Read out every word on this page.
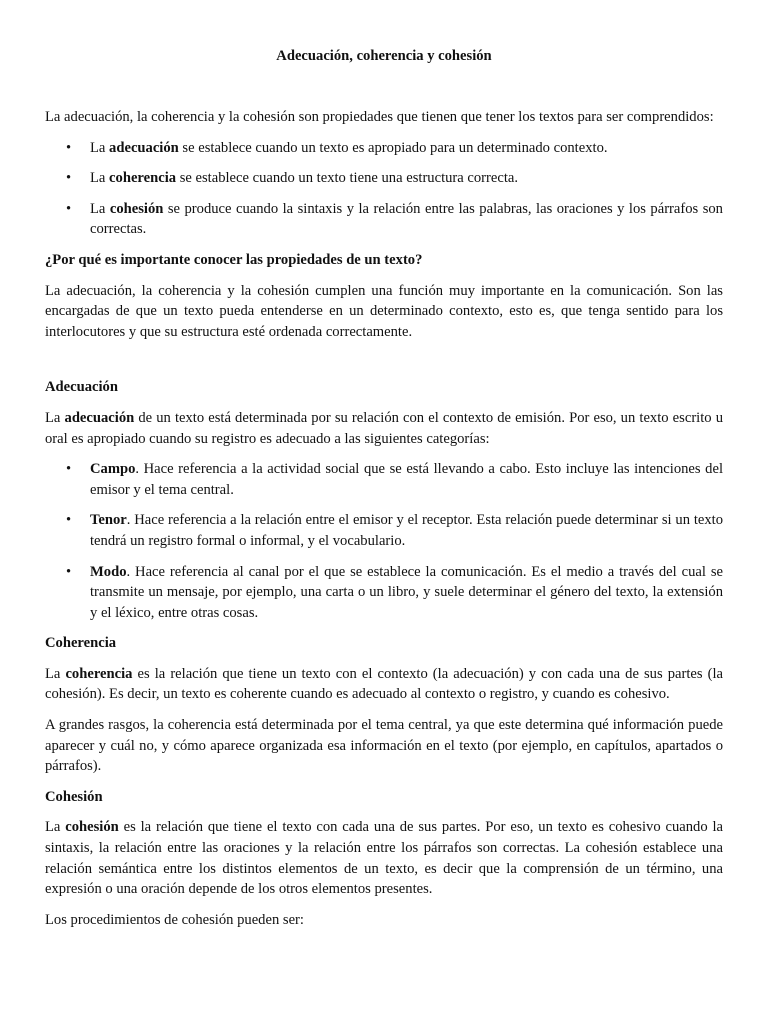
Adecuación, coherencia y cohesión

La adecuación, la coherencia y la cohesión son propiedades que tienen que tener los textos para ser comprendidos:

• La adecuación se establece cuando un texto es apropiado para un determinado contexto.
• La coherencia se establece cuando un texto tiene una estructura correcta.
• La cohesión se produce cuando la sintaxis y la relación entre las palabras, las oraciones y los párrafos son correctas.
¿Por qué es importante conocer las propiedades de un texto?

La adecuación, la coherencia y la cohesión cumplen una función muy importante en la comunicación. Son las encargadas de que un texto pueda entenderse en un determinado contexto, esto es, que tenga sentido para los interlocutores y que su estructura esté ordenada correctamente.

Adecuación

La adecuación de un texto está determinada por su relación con el contexto de emisión. Por eso, un texto escrito u oral es apropiado cuando su registro es adecuado a las siguientes categorías:

• Campo. Hace referencia a la actividad social que se está llevando a cabo. Esto incluye las intenciones del emisor y el tema central.
• Tenor. Hace referencia a la relación entre el emisor y el receptor. Esta relación puede determinar si un texto tendrá un registro formal o informal, y el vocabulario.
• Modo. Hace referencia al canal por el que se establece la comunicación. Es el medio a través del cual se transmite un mensaje, por ejemplo, una carta o un libro, y suele determinar el género del texto, la extensión y el léxico, entre otras cosas.
Coherencia

La coherencia es la relación que tiene un texto con el contexto (la adecuación) y con cada una de sus partes (la cohesión). Es decir, un texto es coherente cuando es adecuado al contexto o registro, y cuando es cohesivo.

A grandes rasgos, la coherencia está determinada por el tema central, ya que este determina qué información puede aparecer y cuál no, y cómo aparece organizada esa información en el texto (por ejemplo, en capítulos, apartados o párrafos).

Cohesión

La cohesión es la relación que tiene el texto con cada una de sus partes. Por eso, un texto es cohesivo cuando la sintaxis, la relación entre las oraciones y la relación entre los párrafos son correctas. La cohesión establece una relación semántica entre los distintos elementos de un texto, es decir que la comprensión de un término, una expresión o una oración depende de los otros elementos presentes.

Los procedimientos de cohesión pueden ser:
